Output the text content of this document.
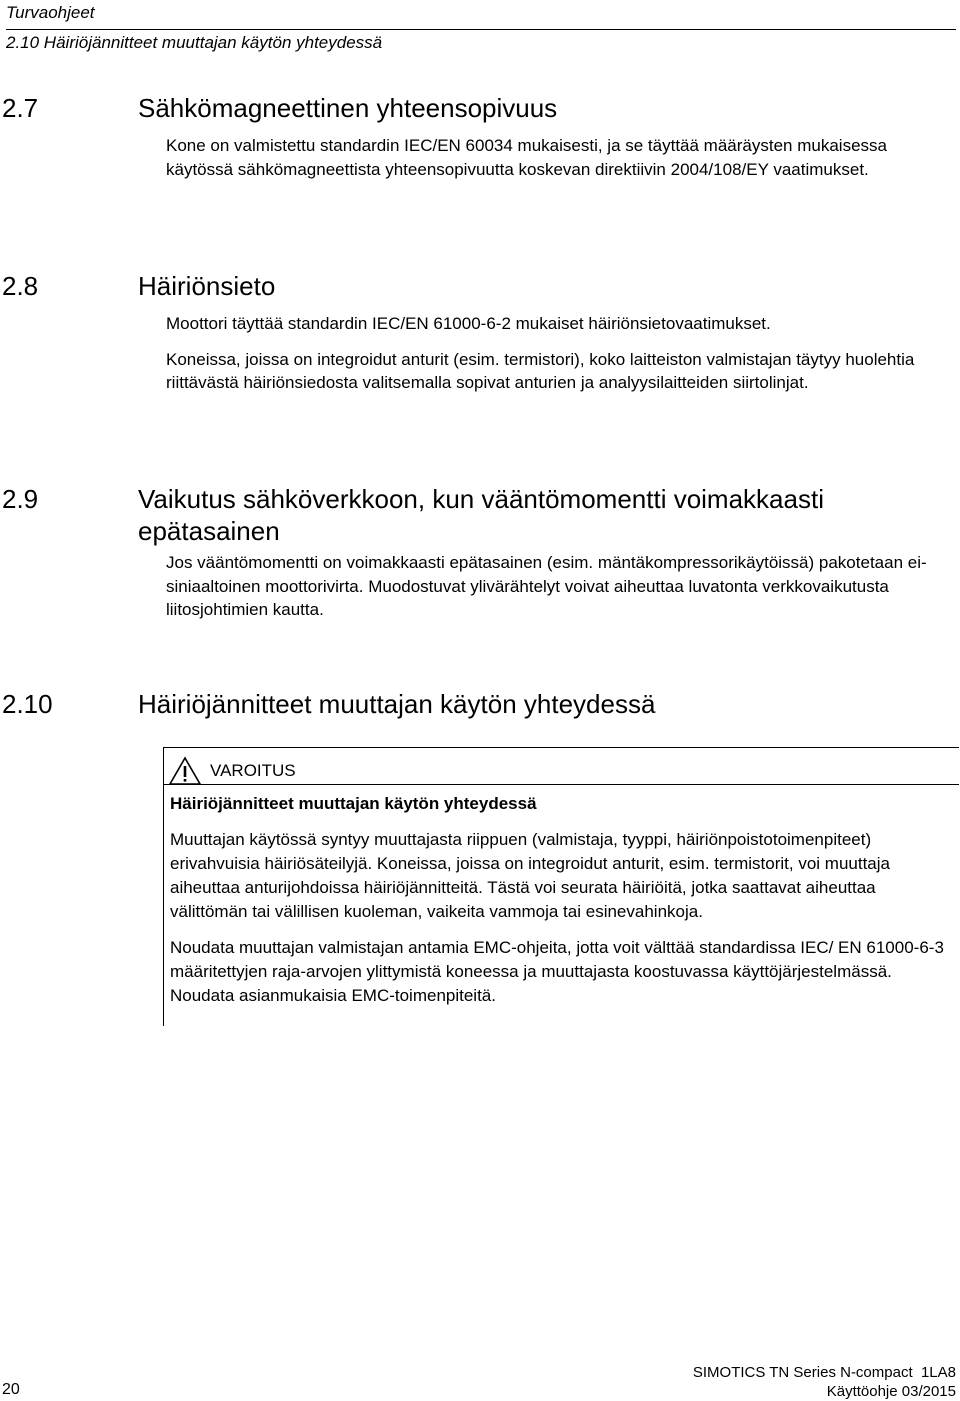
Turvaohjeet
2.10 Häiriöjännitteet muuttajan käytön yhteydessä
2.7	Sähkömagneettinen yhteensopivuus

Kone on valmistettu standardin IEC/EN 60034 mukaisesti, ja se täyttää määräysten mukaisessa käytössä sähkömagneettista yhteensopivuutta koskevan direktiivin 2004/108/EY vaatimukset.

2.8	Häiriönsieto

Moottori täyttää standardin IEC/EN 61000-6-2 mukaiset häiriönsietovaatimukset.

Koneissa, joissa on integroidut anturit (esim. termistori), koko laitteiston valmistajan täytyy huolehtia riittävästä häiriönsiedosta valitsemalla sopivat anturien ja analyysilaitteiden siirtolinjat.

2.9	Vaikutus sähköverkkoon, kun vääntömomentti voimakkaasti epätasainen

Jos vääntömomentti on voimakkaasti epätasainen (esim. mäntäkompressorikäytöissä) pakotetaan ei-siniaaltoinen moottorivirta. Muodostuvat ylivärähtelyt voivat aiheuttaa luvatonta verkkovaikutusta liitosjohtimien kautta.

2.10	Häiriöjännitteet muuttajan käytön yhteydessä
VAROITUS
Häiriöjännitteet muuttajan käytön yhteydessä

Muuttajan käytössä syntyy muuttajasta riippuen (valmistaja, tyyppi, häiriönpoistotoimenpiteet) erivahvuisia häiriösäteilyjä. Koneissa, joissa on integroidut anturit, esim. termistorit, voi muuttaja aiheuttaa anturijohdoissa häiriöjännitteitä. Tästä voi seurata häiriöitä, jotka saattavat aiheuttaa välittömän tai välillisen kuoleman, vaikeita vammoja tai esinevahinkoja.

Noudata muuttajan valmistajan antamia EMC-ohjeita, jotta voit välttää standardissa IEC/ EN 61000-6-3 määritettyjen raja-arvojen ylittymistä koneessa ja muuttajasta koostuvassa käyttöjärjestelmässä. Noudata asianmukaisia EMC-toimenpiteitä.

20
SIMOTICS TN Series N-compact  1LA8
Käyttöohje 03/2015
